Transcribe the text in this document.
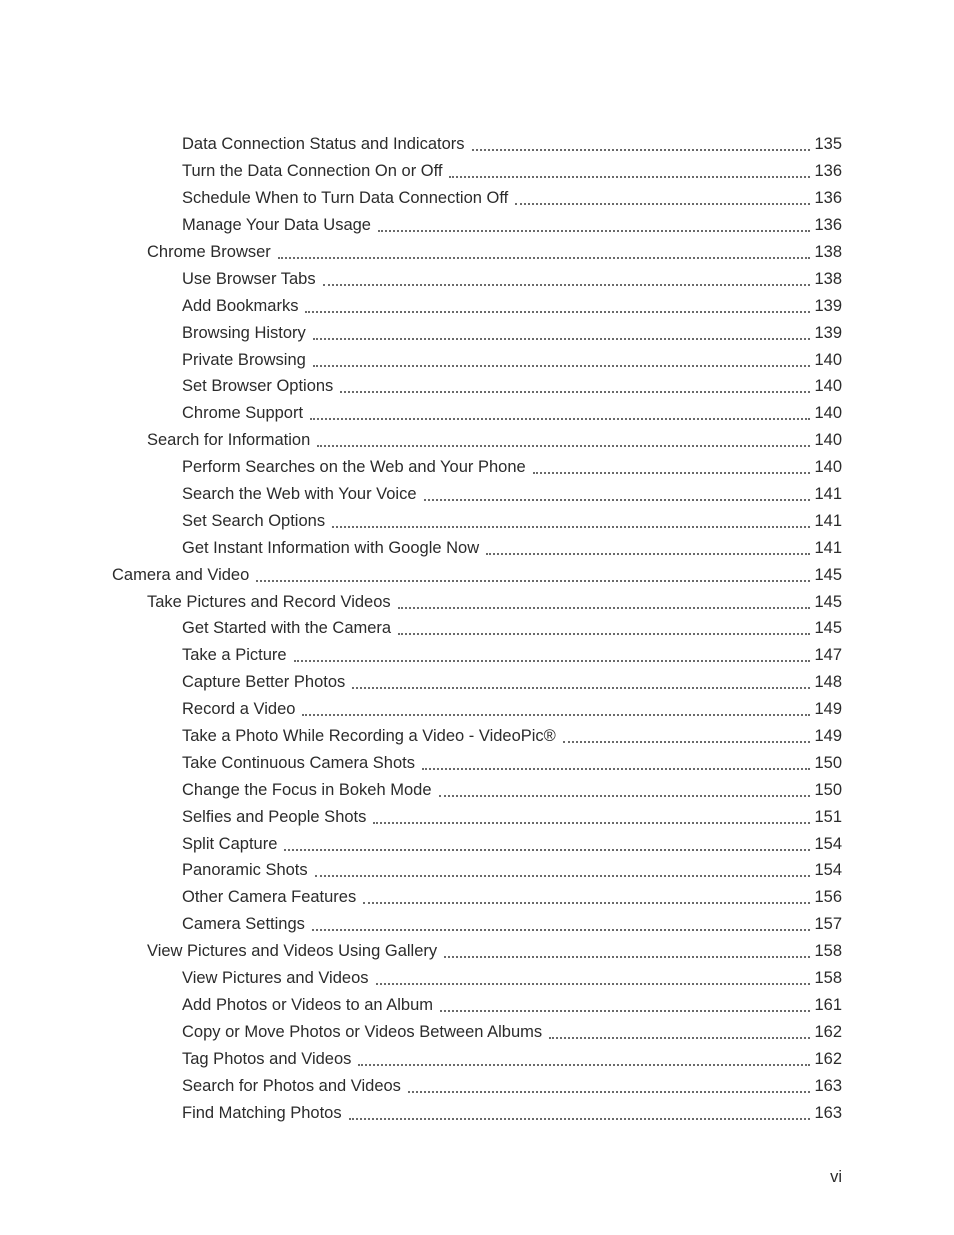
Data Connection Status and Indicators	135
Turn the Data Connection On or Off	136
Schedule When to Turn Data Connection Off	136
Manage Your Data Usage	136
Chrome Browser	138
Use Browser Tabs	138
Add Bookmarks	139
Browsing History	139
Private Browsing	140
Set Browser Options	140
Chrome Support	140
Search for Information	140
Perform Searches on the Web and Your Phone	140
Search the Web with Your Voice	141
Set Search Options	141
Get Instant Information with Google Now	141
Camera and Video	145
Take Pictures and Record Videos	145
Get Started with the Camera	145
Take a Picture	147
Capture Better Photos	148
Record a Video	149
Take a Photo While Recording a Video - VideoPic®	149
Take Continuous Camera Shots	150
Change the Focus in Bokeh Mode	150
Selfies and People Shots	151
Split Capture	154
Panoramic Shots	154
Other Camera Features	156
Camera Settings	157
View Pictures and Videos Using Gallery	158
View Pictures and Videos	158
Add Photos or Videos to an Album	161
Copy or Move Photos or Videos Between Albums	162
Tag Photos and Videos	162
Search for Photos and Videos	163
Find Matching Photos	163
vi
